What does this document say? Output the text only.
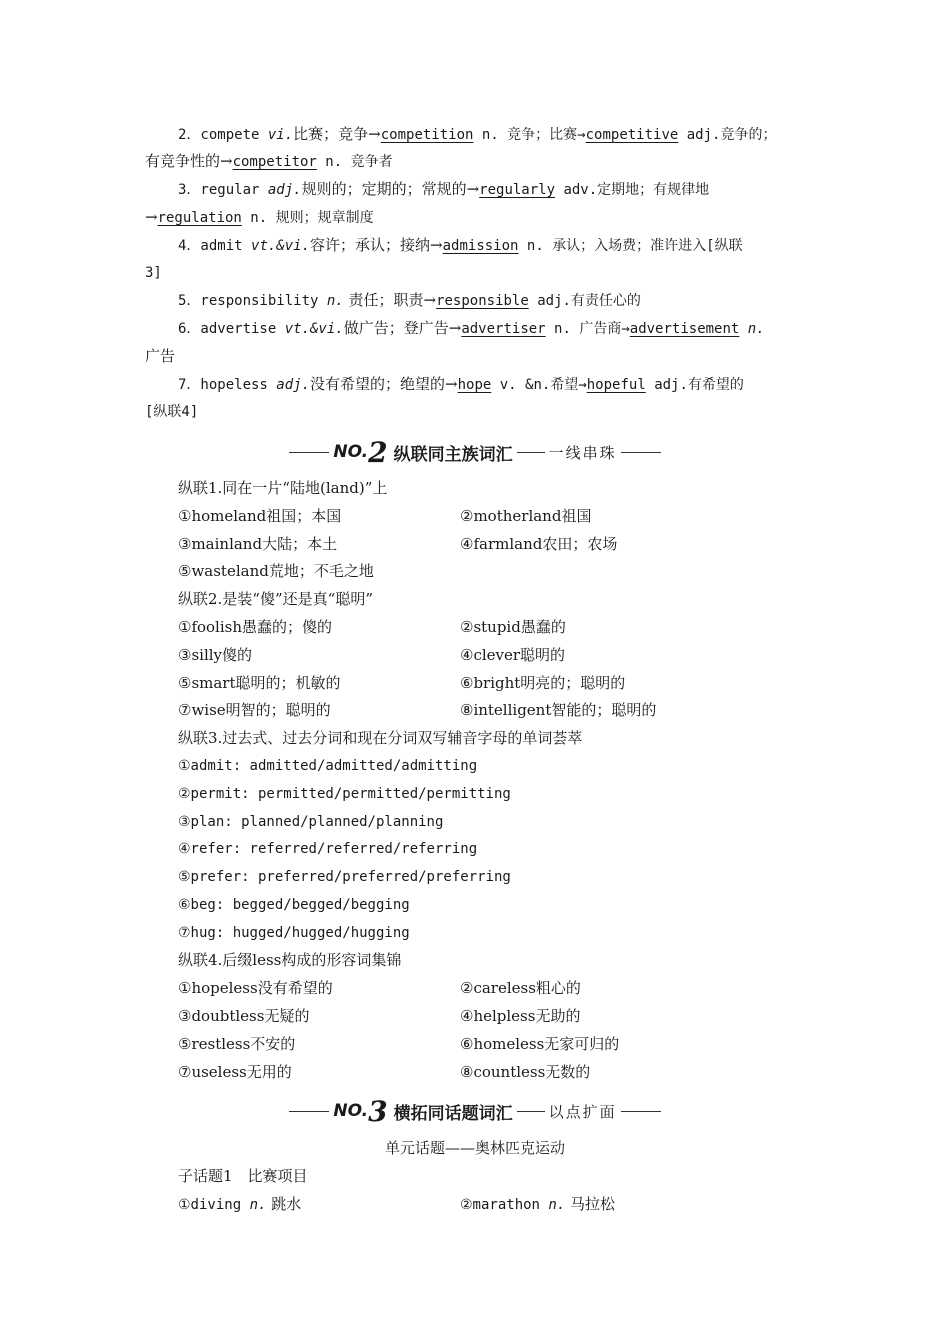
2．compete vi.比赛；竞争→competition n. 竞争；比赛→competitive adj.竞争的；
有竞争性的→competitor n. 竞争者
3．regular adj.规则的；定期的；常规的→regularly adv.定期地；有规律地
→regulation n. 规则；规章制度
4．admit vt.&vi.容许；承认；接纳→admission n. 承认；入场费；准许进入[纵联
3]
5．responsibility n. 责任；职责→responsible adj.有责任心的
6．advertise vt.&vi.做广告；登广告→advertiser n. 广告商→advertisement n.
广告
7．hopeless adj.没有希望的；绝望的→hope v. &n.希望→hopeful adj.有希望的
[纵联4]
NO. 2 纵联同主族词汇 一线串珠
纵联1.同在一片“陆地(land)”上
①homeland祖国；本国	②motherland祖国
③mainland大陆；本土	④farmland农田；农场
⑤wasteland荒地；不毛之地
纵联2.是装“傻”还是真“聪明”
①foolish愚蠢的；傻的	②stupid愚蠢的
③silly傻的	④clever聪明的
⑤smart聪明的；机敏的	⑥bright明亮的；聪明的
⑦wise明智的；聪明的	⑧intelligent智能的；聪明的
纵联3.过去式、过去分词和现在分词双写辅音字母的单词荟萃
①admit: admitted/admitted/admitting
②permit: permitted/permitted/permitting
③plan: planned/planned/planning
④refer: referred/referred/referring
⑤prefer: preferred/preferred/preferring
⑥beg: begged/begged/begging
⑦hug: hugged/hugged/hugging
纵联4.后缀less构成的形容词集锦
①hopeless没有希望的	②careless粗心的
③doubtless无疑的	④helpless无助的
⑤restless不安的	⑥homeless无家可归的
⑦useless无用的	⑧countless无数的
NO. 3 横拓同话题词汇 以点扩面
单元话题——奥林匹克运动
子话题1　比赛项目
①diving n. 跳水	②marathon n. 马拉松
